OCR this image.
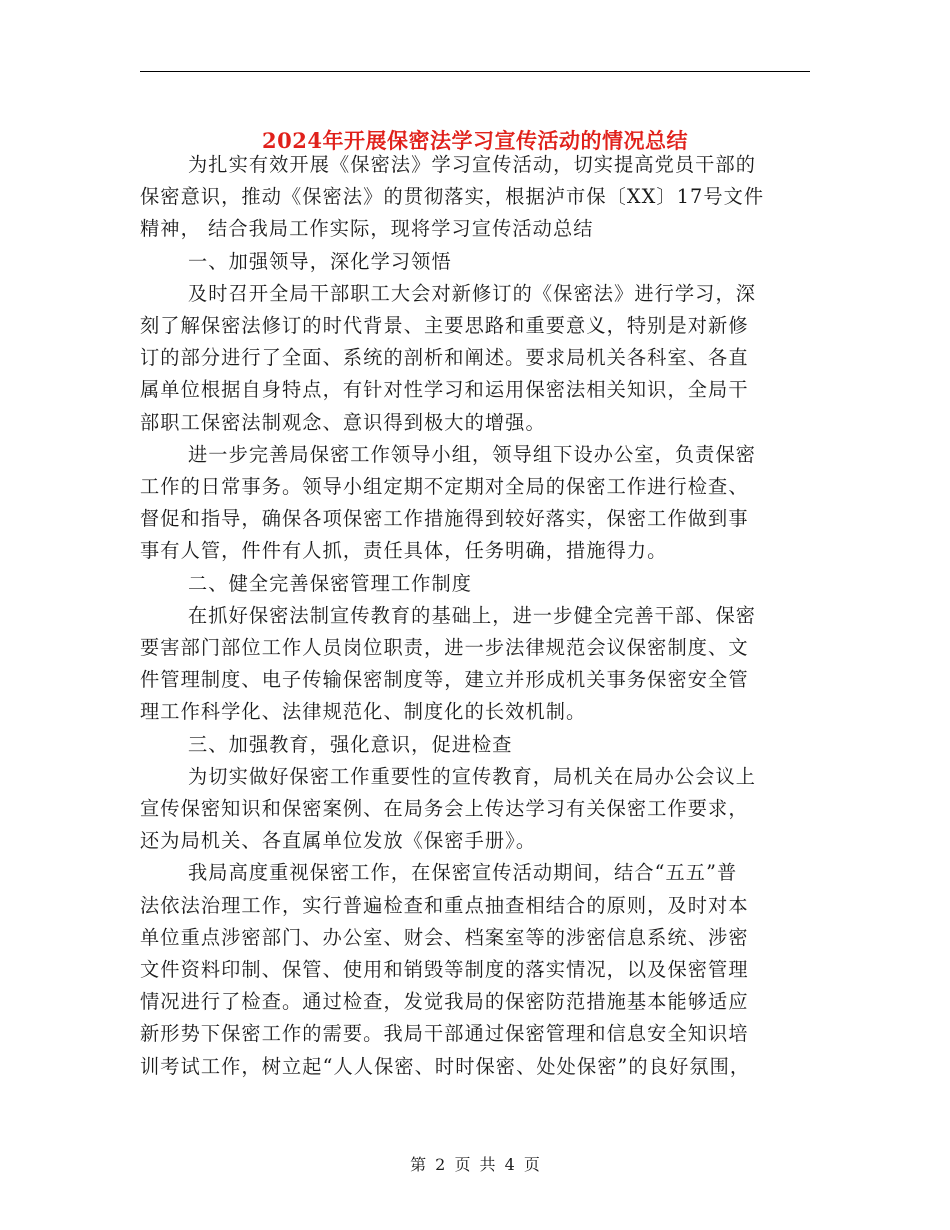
2024年开展保密法学习宣传活动的情况总结

为扎实有效开展《保密法》学习宣传活动，切实提高党员干部的
保密意识，推动《保密法》的贯彻落实，根据泸市保〔XX〕17号文件
精神， 结合我局工作实际，现将学习宣传活动总结

一、加强领导，深化学习领悟

及时召开全局干部职工大会对新修订的《保密法》进行学习，深
刻了解保密法修订的时代背景、主要思路和重要意义，特别是对新修
订的部分进行了全面、系统的剖析和阐述。要求局机关各科室、各直
属单位根据自身特点，有针对性学习和运用保密法相关知识，全局干
部职工保密法制观念、意识得到极大的增强。

进一步完善局保密工作领导小组，领导组下设办公室，负责保密
工作的日常事务。领导小组定期不定期对全局的保密工作进行检查、
督促和指导，确保各项保密工作措施得到较好落实，保密工作做到事
事有人管，件件有人抓，责任具体，任务明确，措施得力。

二、健全完善保密管理工作制度

在抓好保密法制宣传教育的基础上，进一步健全完善干部、保密
要害部门部位工作人员岗位职责，进一步法律规范会议保密制度、文
件管理制度、电子传输保密制度等，建立并形成机关事务保密安全管
理工作科学化、法律规范化、制度化的长效机制。

三、加强教育，强化意识，促进检查

为切实做好保密工作重要性的宣传教育，局机关在局办公会议上
宣传保密知识和保密案例、在局务会上传达学习有关保密工作要求，
还为局机关、各直属单位发放《保密手册》。

我局高度重视保密工作，在保密宣传活动期间，结合“五五”普
法依法治理工作，实行普遍检查和重点抽查相结合的原则，及时对本
单位重点涉密部门、办公室、财会、档案室等的涉密信息系统、涉密
文件资料印制、保管、使用和销毁等制度的落实情况，以及保密管理
情况进行了检查。通过检查，发觉我局的保密防范措施基本能够适应
新形势下保密工作的需要。我局干部通过保密管理和信息安全知识培
训考试工作，树立起“人人保密、时时保密、处处保密”的良好氛围，

第 2 页 共 4 页
